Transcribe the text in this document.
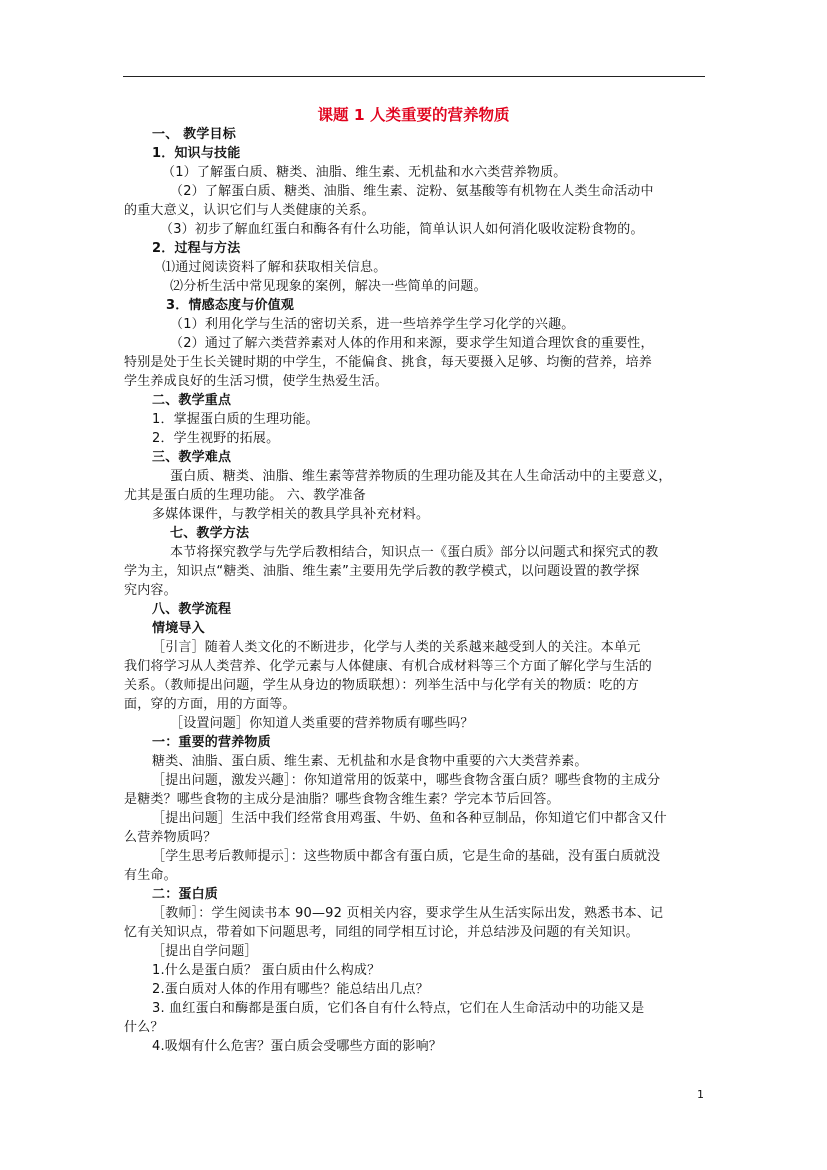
课题 1 人类重要的营养物质
一、 教学目标
1．知识与技能
（1）了解蛋白质、糖类、油脂、维生素、无机盐和水六类营养物质。
（2）了解蛋白质、糖类、油脂、维生素、淀粉、氨基酸等有机物在人类生命活动中
的重大意义，认识它们与人类健康的关系。
（3）初步了解血红蛋白和酶各有什么功能，简单认识人如何消化吸收淀粉食物的。
2．过程与方法
⑴通过阅读资料了解和获取相关信息。
⑵分析生活中常见现象的案例，解决一些简单的问题。
3．情感态度与价值观
（1）利用化学与生活的密切关系，进一些培养学生学习化学的兴趣。
（2）通过了解六类营养素对人体的作用和来源，要求学生知道合理饮食的重要性，
特别是处于生长关键时期的中学生，不能偏食、挑食，每天要摄入足够、均衡的营养，培养
学生养成良好的生活习惯，使学生热爱生活。
二、教学重点
1．掌握蛋白质的生理功能。
2．学生视野的拓展。
三、教学难点
蛋白质、糖类、油脂、维生素等营养物质的生理功能及其在人生命活动中的主要意义，
尤其是蛋白质的生理功能。 六、教学准备
多媒体课件，与教学相关的教具学具补充材料。
七、教学方法
本节将探究教学与先学后教相结合，知识点一《蛋白质》部分以问题式和探究式的教
学为主，知识点“糖类、油脂、维生素”主要用先学后教的教学模式，以问题设置的教学探
究内容。
八、教学流程
情境导入
［引言］随着人类文化的不断进步，化学与人类的关系越来越受到人的关注。本单元
我们将学习从人类营养、化学元素与人体健康、有机合成材料等三个方面了解化学与生活的
关系。（教师提出问题，学生从身边的物质联想）：列举生活中与化学有关的物质：吃的方
面，穿的方面，用的方面等。
［设置问题］你知道人类重要的营养物质有哪些吗？
一：重要的营养物质
糖类、油脂、蛋白质、维生素、无机盐和水是食物中重要的六大类营养素。
［提出问题，激发兴趣］：你知道常用的饭菜中，哪些食物含蛋白质？哪些食物的主成分
是糖类？哪些食物的主成分是油脂？哪些食物含维生素？学完本节后回答。
［提出问题］生活中我们经常食用鸡蛋、牛奶、鱼和各种豆制品，你知道它们中都含又什
么营养物质吗？
［学生思考后教师提示］：这些物质中都含有蛋白质，它是生命的基础，没有蛋白质就没
有生命。
二：蛋白质
［教师］：学生阅读书本 90—92 页相关内容，要求学生从生活实际出发，熟悉书本、记
忆有关知识点，带着如下问题思考，同组的同学相互讨论，并总结涉及问题的有关知识。
［提出自学问题］
1.什么是蛋白质？ 蛋白质由什么构成？
2.蛋白质对人体的作用有哪些？能总结出几点？
3. 血红蛋白和酶都是蛋白质，它们各自有什么特点，它们在人生命活动中的功能又是
什么？
4.吸烟有什么危害？蛋白质会受哪些方面的影响？
1
